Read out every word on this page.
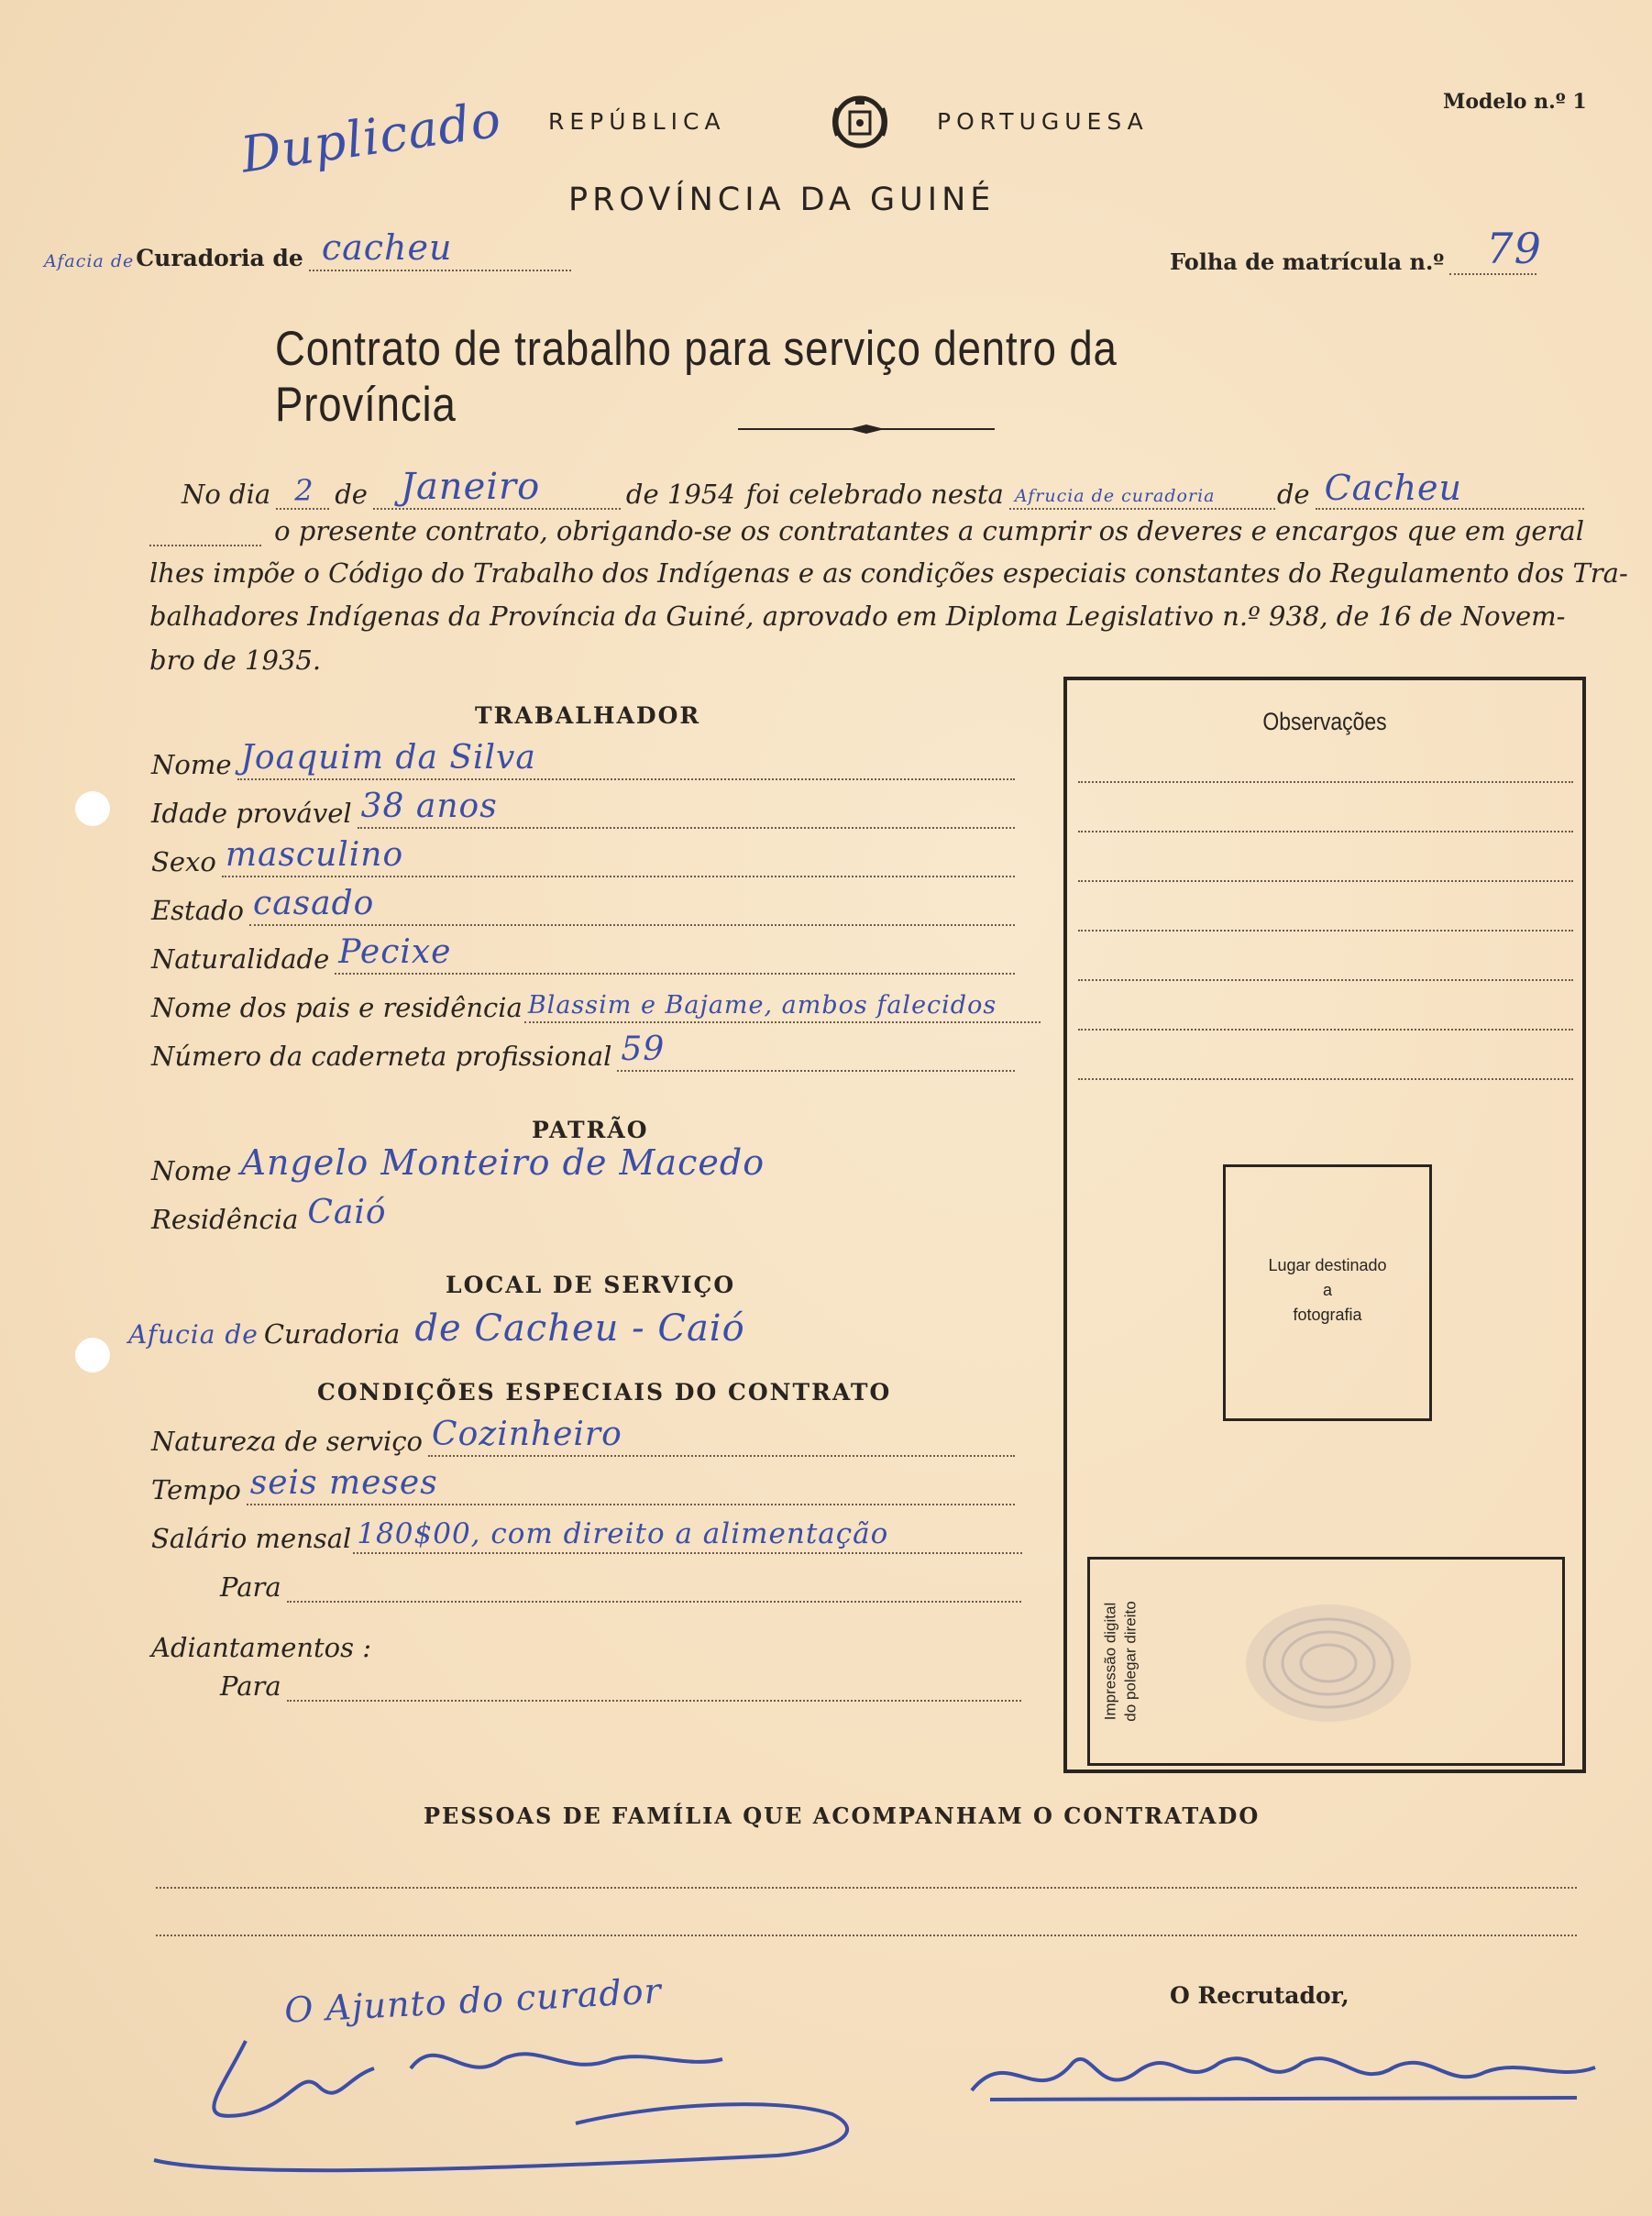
Duplicado REPÚBLICA	PORTUGUESA
Modelo n.º 1
PROVÍNCIA DA GUINÉ
Afacia de Curadoria de cacheu	Folha de matrícula n.º 79
Contrato de trabalho para serviço dentro da Província
No dia 2 de Janeiro	de 1954 foi celebrado nesta Afrucia de curadoria de Cacheu
o presente contrato, obrigando-se os contratantes a cumprir os deveres e encargos que em geral
lhes impõe o Código do Trabalho dos Indígenas e as condições especiais constantes do Regulamento dos Tra-
balhadores Indígenas da Província da Guiné, aprovado em Diploma Legislativo n.º 938, de 16 de Novem-
bro de 1935.
TRABALHADOR
Nome Joaquim da Silva
Idade provável 38 anos
Sexo masculino
Estado casado
Naturalidade Pecixe
Nome dos pais e residência Blassim e Bajame, ambos falecidos
Número da caderneta profissional 59
PATRÃO
Nome Angelo Monteiro de Macedo
Residência Caió
LOCAL DE SERVIÇO
Afucia de Curadoria de Cacheu - Caió
CONDIÇÕES ESPECIAIS DO CONTRATO
Natureza de serviço Cozinheiro
Tempo seis meses
Salário mensal 180$00, com direito a alimentação
Para
Adiantamentos :
Para
Observações
Lugar destinado
a
fotografia
Impressão digital do polegar direito
PESSOAS DE FAMÍLIA QUE ACOMPANHAM O CONTRATADO
O Ajunto do curador	O Recrutador,
